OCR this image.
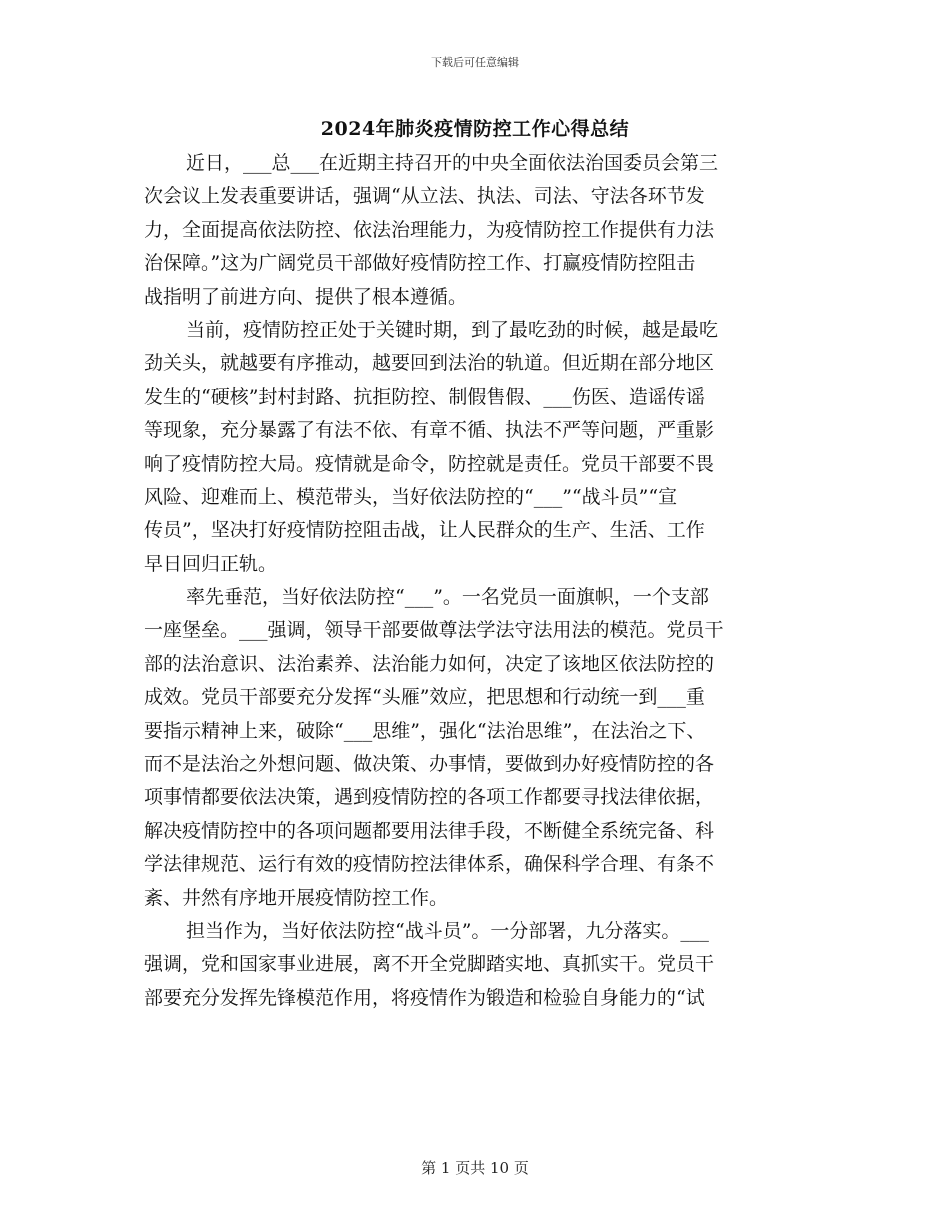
下载后可任意编辑
2024年肺炎疫情防控工作心得总结
近日，___总___在近期主持召开的中央全面依法治国委员会第三
次会议上发表重要讲话，强调“从立法、执法、司法、守法各环节发
力，全面提高依法防控、依法治理能力，为疫情防控工作提供有力法
治保障。”这为广阔党员干部做好疫情防控工作、打赢疫情防控阻击
战指明了前进方向、提供了根本遵循。
当前，疫情防控正处于关键时期，到了最吃劲的时候，越是最吃
劲关头，就越要有序推动，越要回到法治的轨道。但近期在部分地区
发生的“硬核”封村封路、抗拒防控、制假售假、___伤医、造谣传谣
等现象，充分暴露了有法不依、有章不循、执法不严等问题，严重影
响了疫情防控大局。疫情就是命令，防控就是责任。党员干部要不畏
风险、迎难而上、模范带头，当好依法防控的“___”“战斗员”“宣
传员”，坚决打好疫情防控阻击战，让人民群众的生产、生活、工作
早日回归正轨。
率先垂范，当好依法防控“___”。一名党员一面旗帜，一个支部
一座堡垒。___强调，领导干部要做尊法学法守法用法的模范。党员干
部的法治意识、法治素养、法治能力如何，决定了该地区依法防控的
成效。党员干部要充分发挥“头雁”效应，把思想和行动统一到___重
要指示精神上来，破除“___思维”，强化“法治思维”，在法治之下、
而不是法治之外想问题、做决策、办事情，要做到办好疫情防控的各
项事情都要依法决策，遇到疫情防控的各项工作都要寻找法律依据，
解决疫情防控中的各项问题都要用法律手段，不断健全系统完备、科
学法律规范、运行有效的疫情防控法律体系，确保科学合理、有条不
紊、井然有序地开展疫情防控工作。
担当作为，当好依法防控“战斗员”。一分部署，九分落实。___
强调，党和国家事业进展，离不开全党脚踏实地、真抓实干。党员干
部要充分发挥先锋模范作用，将疫情作为锻造和检验自身能力的“试
第 1 页共 10 页
